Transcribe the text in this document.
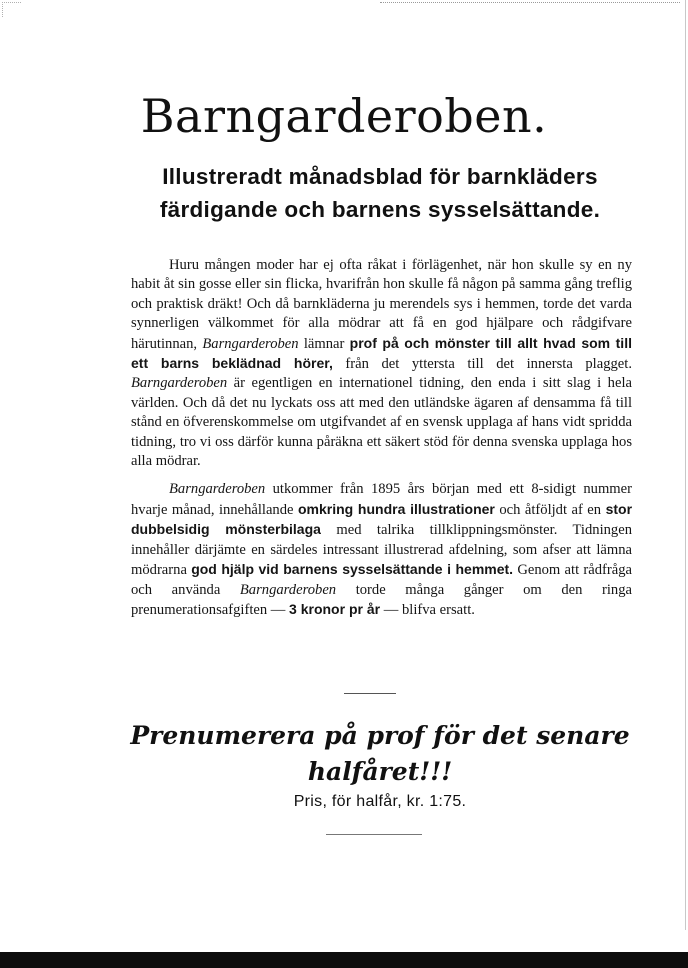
Barngarderoben.
Illustreradt månadsblad för barnkläders färdigande och barnens sysselsättande.

Huru mången moder har ej ofta råkat i förlägenhet, när hon skulle sy en ny habit åt sin gosse eller sin flicka, hvarifrån hon skulle få någon på samma gång treflig och praktisk dräkt! Och då barnkläderna ju merendels sys i hemmen, torde det varda synnerligen välkommet för alla mödrar att få en god hjälpare och rådgifvare härutinnan, Barngarderoben lämnar prof på och mönster till allt hvad som till ett barns beklädnad hörer, från det yttersta till det innersta plagget. Barngarderoben är egentligen en internationel tidning, den enda i sitt slag i hela världen. Och då det nu lyckats oss att med den utländske ägaren af densamma få till stånd en öfverenskommelse om utgifvandet af en svensk upplaga af hans vidt spridda tidning, tro vi oss därför kunna påräkna ett säkert stöd för denna svenska upplaga hos alla mödrar.

Barngarderoben utkommer från 1895 års början med ett 8-sidigt nummer hvarje månad, innehållande omkring hundra illustrationer och åtföljdt af en stor dubbelsidig mönsterbilaga med talrika tillklippningsmönster. Tidningen innehåller därjämte en särdeles intressant illustrerad afdelning, som afser att lämna mödrarna god hjälp vid barnens sysselsättande i hemmet. Genom att rådfråga och använda Barngarderoben torde många gånger om den ringa prenumerationsafgiften — 3 kronor pr år — blifva ersatt.

Prenumerera på prof för det senare halfåret!!!
Pris, för halfår, kr. 1:75.
